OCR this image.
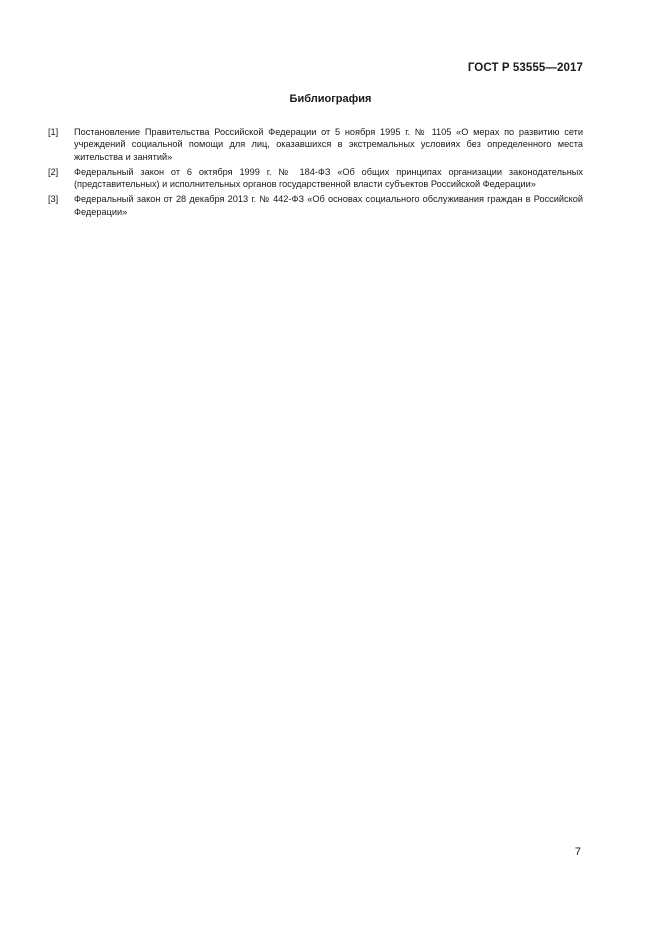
ГОСТ Р 53555—2017
Библиография
[1]	Постановление Правительства Российской Федерации от 5 ноября 1995 г. № 1105 «О мерах по развитию сети учреждений социальной помощи для лиц, оказавшихся в экстремальных условиях без определенного места жительства и занятий»
[2]	Федеральный закон от 6 октября 1999 г. № 184-ФЗ «Об общих принципах организации законодательных (представительных) и исполнительных органов государственной власти субъектов Российской Федерации»
[3]	Федеральный закон от 28 декабря 2013 г. № 442-ФЗ «Об основах социального обслуживания граждан в Российской Федерации»
7
